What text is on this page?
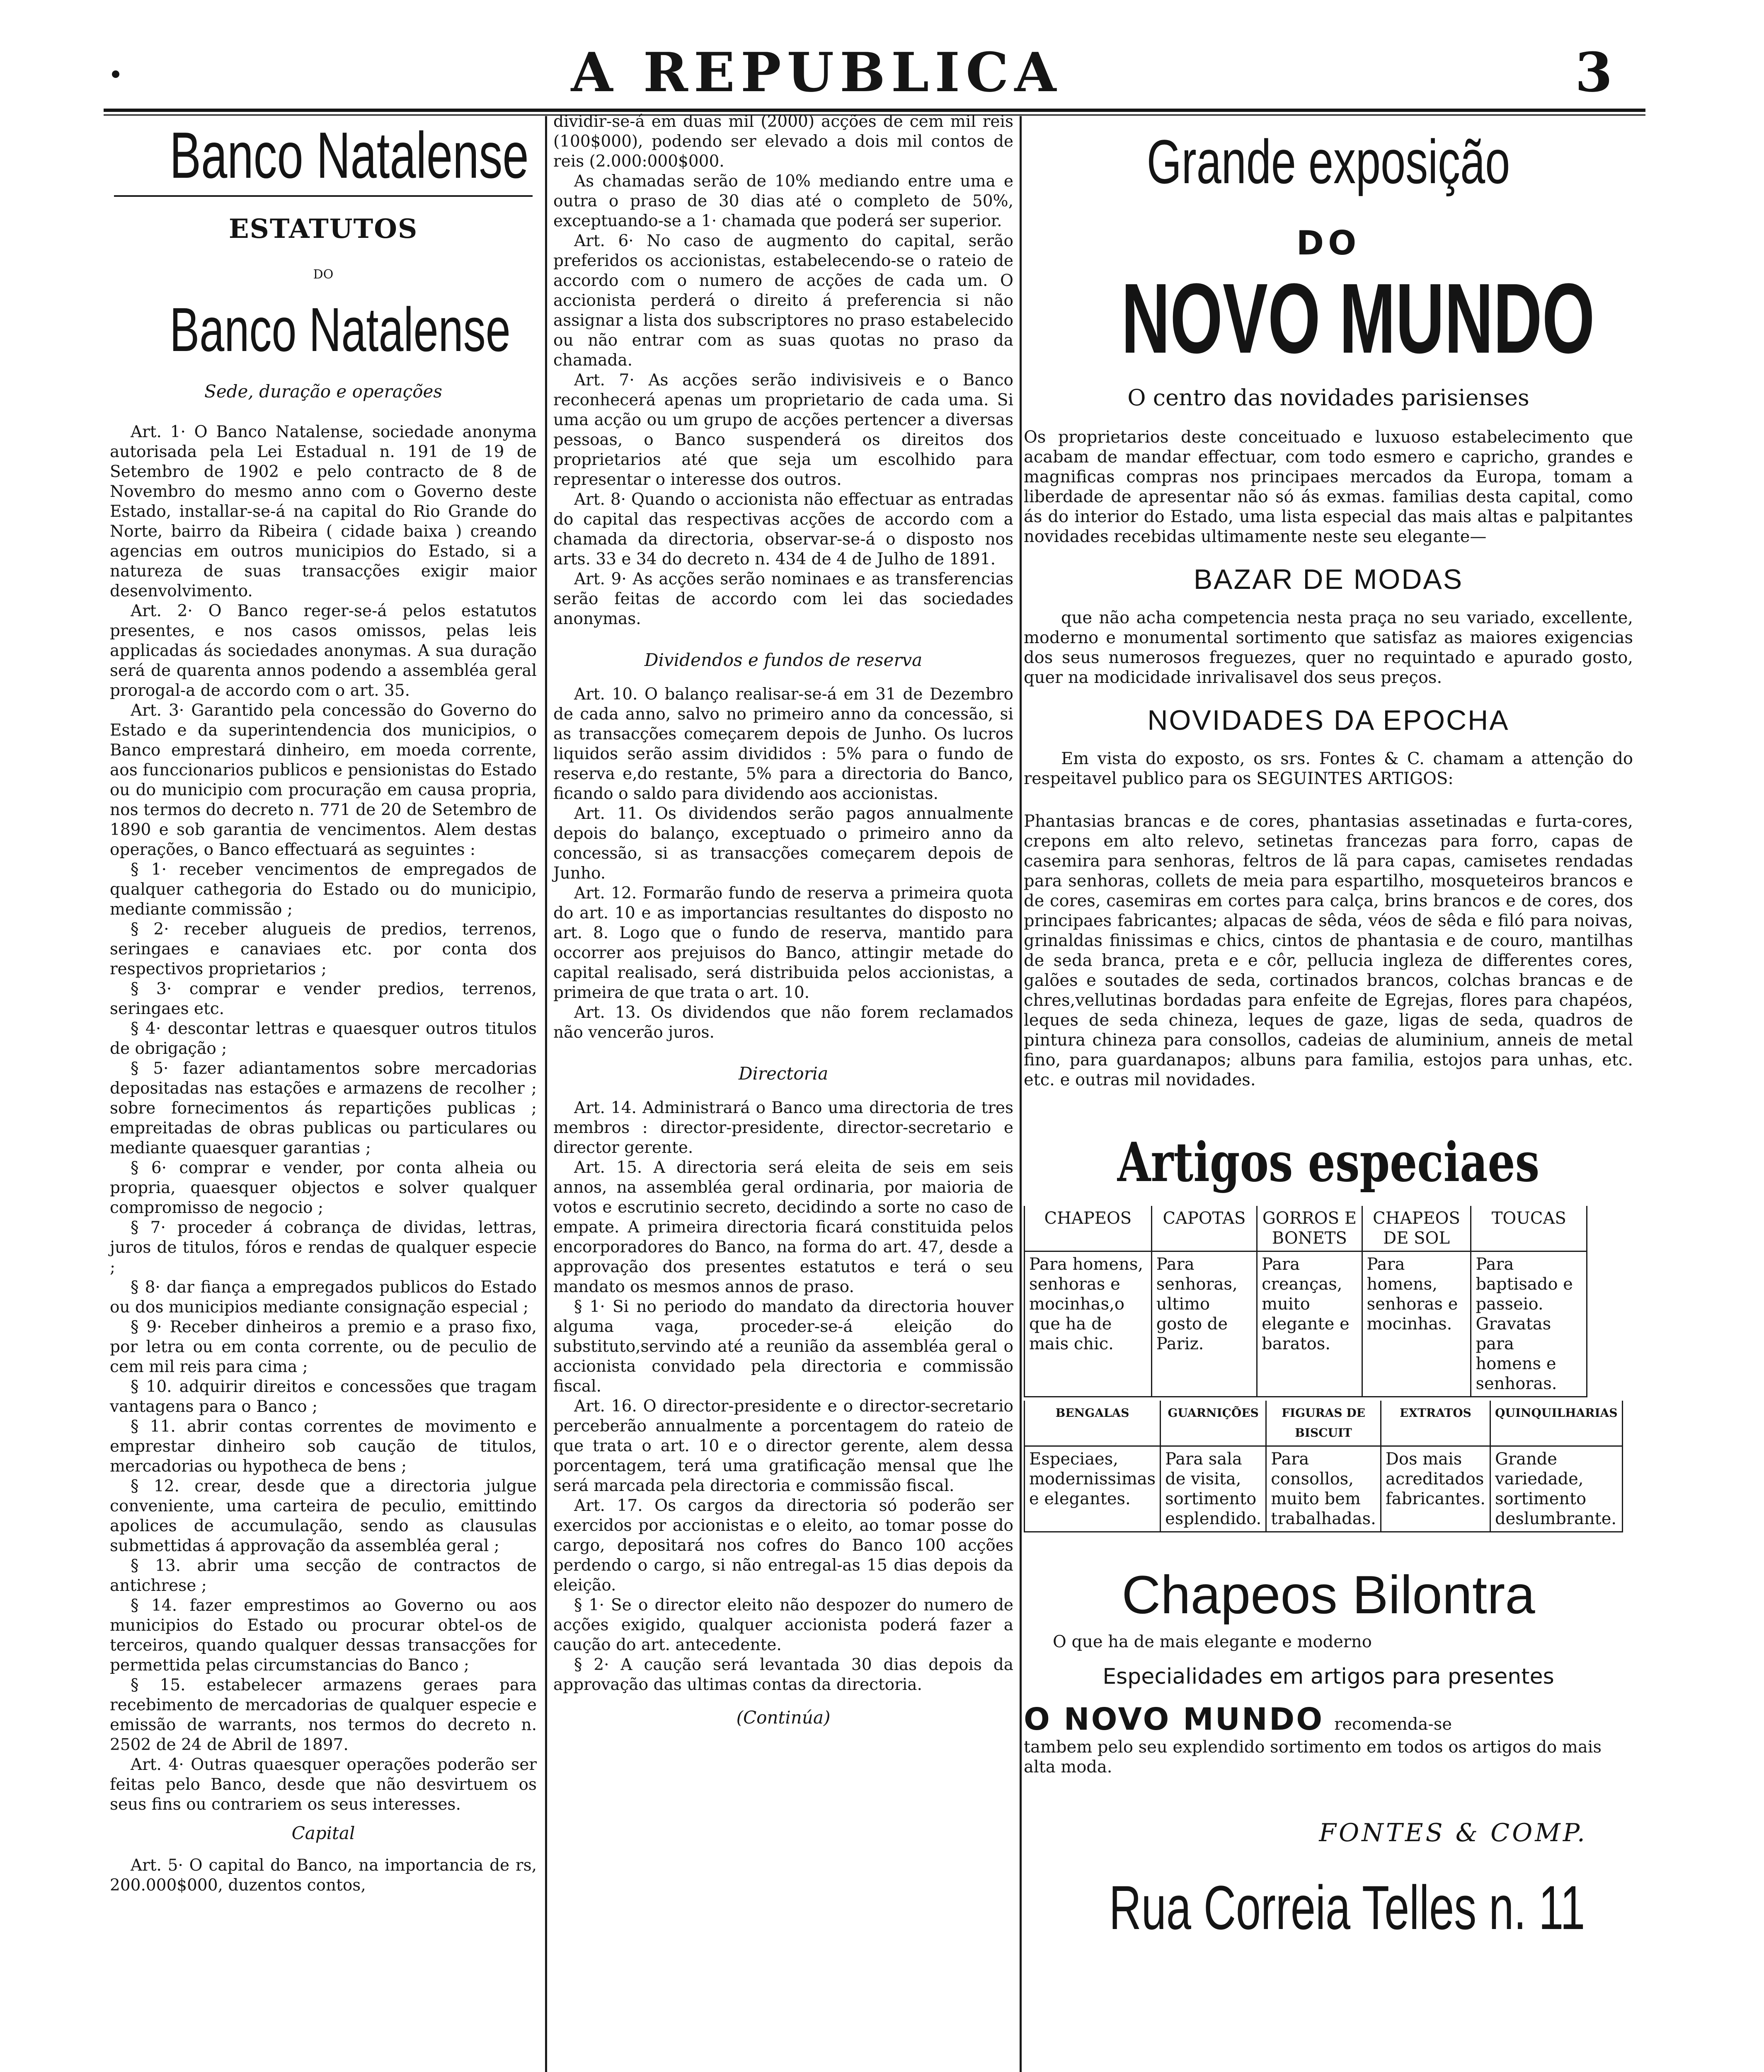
A REPUBLICA	3
Banco Natalense
ESTATUTOS
DO
Banco Natalense
Sede, duração e operações

Art. 1· O Banco Natalense, sociedade anonyma autorisada pela Lei Estadual n. 191 de 19 de Setembro de 1902 e pelo contracto de 8 de Novembro do mesmo anno com o Governo deste Estado, installar-se-á na capital do Rio Grande do Norte, bairro da Ribeira ( cidade baixa ) creando agencias em outros municipios do Estado, si a natureza de suas transacções exigir maior desenvolvimento.

Art. 2· O Banco reger-se-á pelos estatutos presentes, e nos casos omissos, pelas leis applicadas ás sociedades anonymas. A sua duração será de quarenta annos podendo a assembléa geral prorogal-a de accordo com o art. 35.

Art. 3· Garantido pela concessão do Governo do Estado e da superintendencia dos municipios, o Banco emprestará dinheiro, em moeda corrente, aos funccionarios publicos e pensionistas do Estado ou do municipio com procuração em causa propria, nos termos do decreto n. 771 de 20 de Setembro de 1890 e sob garantia de vencimentos. Alem destas operações, o Banco effectuará as seguintes :

§ 1· receber vencimentos de empregados de qualquer cathegoria do Estado ou do municipio, mediante commissão ;

§ 2· receber alugueis de predios, terrenos, seringaes e canaviaes etc. por conta dos respectivos proprietarios ;

§ 3· comprar e vender predios, terrenos, seringaes etc.

§ 4· descontar lettras e quaesquer outros titulos de obrigação ;

§ 5· fazer adiantamentos sobre mercadorias depositadas nas estações e armazens de recolher ; sobre fornecimentos ás repartições publicas ; empreitadas de obras publicas ou particulares ou mediante quaesquer garantias ;

§ 6· comprar e vender, por conta alheia ou propria, quaesquer objectos e solver qualquer compromisso de negocio ;

§ 7· proceder á cobrança de dividas, lettras, juros de titulos, fóros e rendas de qualquer especie ;

§ 8· dar fiança a empregados publicos do Estado ou dos municipios mediante consignação especial ;

§ 9· Receber dinheiros a premio e a praso fixo, por letra ou em conta corrente, ou de peculio de cem mil reis para cima ;

§ 10. adquirir direitos e concessões que tragam vantagens para o Banco ;

§ 11. abrir contas correntes de movimento e emprestar dinheiro sob caução de titulos, mercadorias ou hypotheca de bens ;

§ 12. crear, desde que a directoria julgue conveniente, uma carteira de peculio, emittindo apolices de accumulação, sendo as clausulas submettidas á approvação da assembléa geral ;

§ 13. abrir uma secção de contractos de antichrese ;

§ 14. fazer emprestimos ao Governo ou aos municipios do Estado ou procurar obtel-os de terceiros, quando qualquer dessas transacções for permettida pelas circumstancias do Banco ;

§ 15. estabelecer armazens geraes para recebimento de mercadorias de qualquer especie e emissão de warrants, nos termos do decreto n. 2502 de 24 de Abril de 1897.

Art. 4· Outras quaesquer operações poderão ser feitas pelo Banco, desde que não desvirtuem os seus fins ou contrariem os seus interesses.

Capital

Art. 5· O capital do Banco, na importancia de rs, 200.000$000, duzentos contos,

dividir-se-á em duas mil (2000) acções de cem mil reis (100$000), podendo ser elevado a dois mil contos de reis (2.000:000$000.

As chamadas serão de 10% mediando entre uma e outra o praso de 30 dias até o completo de 50%, exceptuando-se a 1· chamada que poderá ser superior.

Art. 6· No caso de augmento do capital, serão preferidos os accionistas, estabelecendo-se o rateio de accordo com o numero de acções de cada um. O accionista perderá o direito á preferencia si não assignar a lista dos subscriptores no praso estabelecido ou não entrar com as suas quotas no praso da chamada.

Art. 7· As acções serão indivisiveis e o Banco reconhecerá apenas um proprietario de cada uma. Si uma acção ou um grupo de acções pertencer a diversas pessoas, o Banco suspenderá os direitos dos proprietarios até que seja um escolhido para representar o interesse dos outros.

Art. 8· Quando o accionista não effectuar as entradas do capital das respectivas acções de accordo com a chamada da directoria, observar-se-á o disposto nos arts. 33 e 34 do decreto n. 434 de 4 de Julho de 1891.

Art. 9· As acções serão nominaes e as transferencias serão feitas de accordo com lei das sociedades anonymas.

Dividendos e fundos de reserva

Art. 10. O balanço realisar-se-á em 31 de Dezembro de cada anno, salvo no primeiro anno da concessão, si as transacções começarem depois de Junho. Os lucros liquidos serão assim divididos : 5% para o fundo de reserva e,do restante, 5% para a directoria do Banco, ficando o saldo para dividendo aos accionistas.

Art. 11. Os dividendos serão pagos annualmente depois do balanço, exceptuado o primeiro anno da concessão, si as transacções começarem depois de Junho.

Art. 12. Formarão fundo de reserva a primeira quota do art. 10 e as importancias resultantes do disposto no art. 8. Logo que o fundo de reserva, mantido para occorrer aos prejuisos do Banco, attingir metade do capital realisado, será distribuida pelos accionistas, a primeira de que trata o art. 10.

Art. 13. Os dividendos que não forem reclamados não vencerão juros.

Directoria

Art. 14. Administrará o Banco uma directoria de tres membros : director-presidente, director-secretario e director gerente.

Art. 15. A directoria será eleita de seis em seis annos, na assembléa geral ordinaria, por maioria de votos e escrutinio secreto, decidindo a sorte no caso de empate. A primeira directoria ficará constituida pelos encorporadores do Banco, na forma do art. 47, desde a approvação dos presentes estatutos e terá o seu mandato os mesmos annos de praso.

§ 1· Si no periodo do mandato da directoria houver alguma vaga, proceder-se-á eleição do substituto,servindo até a reunião da assembléa geral o accionista convidado pela directoria e commissão fiscal.

Art. 16. O director-presidente e o director-secretario perceberão annualmente a porcentagem do rateio de que trata o art. 10 e o director gerente, alem dessa porcentagem, terá uma gratificação mensal que lhe será marcada pela directoria e commissão fiscal.

Art. 17. Os cargos da directoria só poderão ser exercidos por accionistas e o eleito, ao tomar posse do cargo, depositará nos cofres do Banco 100 acções perdendo o cargo, si não entregal-as 15 dias depois da eleição.

§ 1· Se o director eleito não despozer do numero de acções exigido, qualquer accionista poderá fazer a caução do art. antecedente.

§ 2· A caução será levantada 30 dias depois da approvação das ultimas contas da directoria.

(Continúa)
Grande exposição
DO
NOVO MUNDO
O centro das novidades parisienses

Os proprietarios deste conceituado e luxuoso estabelecimento que acabam de mandar effectuar, com todo esmero e capricho, grandes e magnificas compras nos principaes mercados da Europa, tomam a liberdade de apresentar não só ás exmas. familias desta capital, como ás do interior do Estado, uma lista especial das mais altas e palpitantes novidades recebidas ultimamente neste seu elegante—

BAZAR DE MODAS

que não acha competencia nesta praça no seu variado, excellente, moderno e monumental sortimento que satisfaz as maiores exigencias dos seus numerosos freguezes, quer no requintado e apurado gosto, quer na modicidade inrivalisavel dos seus preços.

NOVIDADES DA EPOCHA

Em vista do exposto, os srs. Fontes & C. chamam a attenção do respeitavel publico para os SEGUINTES ARTIGOS:

Phantasias brancas e de cores, phantasias assetinadas e furta-cores, crepons em alto relevo, setinetas francezas para forro, capas de casemira para senhoras, feltros de lã para capas, camisetes rendadas para senhoras, collets de meia para espartilho, mosqueteiros brancos e de cores, casemiras em cortes para calça, brins brancos e de cores, dos principaes fabricantes; alpacas de sêda, véos de sêda e filó para noivas, grinaldas finissimas e chics, cintos de phantasia e de couro, mantilhas de seda branca, preta e e côr, pellucia ingleza de differentes cores, galões e soutades de seda, cortinados brancos, colchas brancas e de chres,vellutinas bordadas para enfeite de Egrejas, flores para chapéos, leques de seda chineza, leques de gaze, ligas de seda, quadros de pintura chineza para consollos, cadeias de aluminium, anneis de metal fino, para guardanapos; albuns para familia, estojos para unhas, etc. etc. e outras mil novidades.

Artigos especiaes
CHAPEOS	CAPOTAS	GORROS E BONETS	CHAPEOS DE SOL	TOUCAS
Para homens, senhoras e mocinhas,o que ha de mais chic.	Para senhoras, ultimo gosto de Pariz.	Para creanças, muito elegante e baratos.	Para homens, senhoras e mocinhas.	Para baptisado e passeio. Gravatas para homens e senhoras.
BENGALAS	GUARNIÇÕES	FIGURAS DE BISCUIT	EXTRATOS	QUINQUILHARIAS
Especiaes, modernissimas e elegantes.	Para sala de visita, sortimento esplendido.	Para consollos, muito bem trabalhadas.	Dos mais acreditados fabricantes.	Grande variedade, sortimento deslumbrante.
Chapeos Bilontra

O que ha de mais elegante e moderno

Especialidades em artigos para presentes
O NOVO MUNDO recomenda-se

tambem pelo seu explendido sortimento em todos os artigos do mais alta moda.

FONTES & COMP.
Rua Correia Telles n. 11
